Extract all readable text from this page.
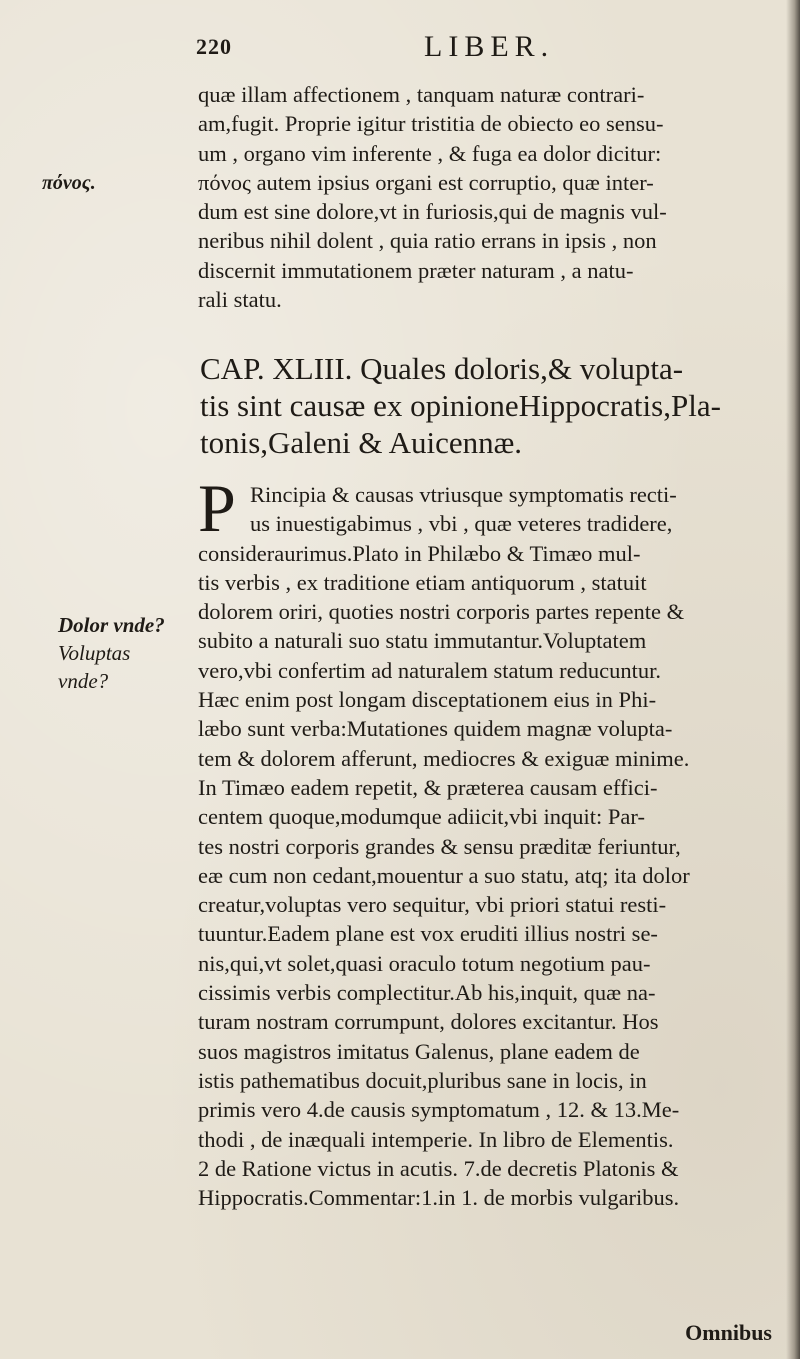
220	LIBER.
πόνος.
quæ illam affectionem , tanquam naturæ contrari-
am,fugit. Proprie igitur tristitia de obiecto eo sensu-
um , organo vim inferente , & fuga ea dolor dicitur:
πόνος autem ipsius organi est corruptio, quæ inter-
dum est sine dolore,vt in furiosis,qui de magnis vul-
neribus nihil dolent , quia ratio errans in ipsis , non
discernit immutationem præter naturam , a natu-
rali statu.
CAP. XLIII. Quales doloris,& volupta-
tis sint causæ ex opinioneHippocratis,Pla-
tonis,Galeni & Auicennæ.
P
Dolor vnde?
Voluptas
vnde?
Rincipia & causas vtriusque symptomatis recti-
us inuestigabimus , vbi , quæ veteres tradidere,
consideraurimus.Plato in Philæbo & Timæo mul-
tis verbis , ex traditione etiam antiquorum , statuit
dolorem oriri, quoties nostri corporis partes repente &
subito a naturali suo statu immutantur.Voluptatem
vero,vbi confertim ad naturalem statum reducuntur.
Hæc enim post longam disceptationem eius in Phi-
læbo sunt verba:Mutationes quidem magnæ volupta-
tem & dolorem afferunt, mediocres & exiguæ minime.
In Timæo eadem repetit, & præterea causam effici-
centem quoque,modumque adiicit,vbi inquit: Par-
tes nostri corporis grandes & sensu præditæ feriuntur,
eæ cum non cedant,mouentur a suo statu, atq; ita dolor
creatur,voluptas vero sequitur, vbi priori statui resti-
tuuntur.Eadem plane est vox eruditi illius nostri se-
nis,qui,vt solet,quasi oraculo totum negotium pau-
cissimis verbis complectitur.Ab his,inquit, quæ na-
turam nostram corrumpunt, dolores excitantur. Hos
suos magistros imitatus Galenus, plane eadem de
istis pathematibus docuit,pluribus sane in locis, in
primis vero 4.de causis symptomatum , 12. & 13.Me-
thodi , de inæquali intemperie. In libro de Elementis.
2 de Ratione victus in acutis. 7.de decretis Platonis &
Hippocratis.Commentar:1.in 1. de morbis vulgaribus.
Omnibus
